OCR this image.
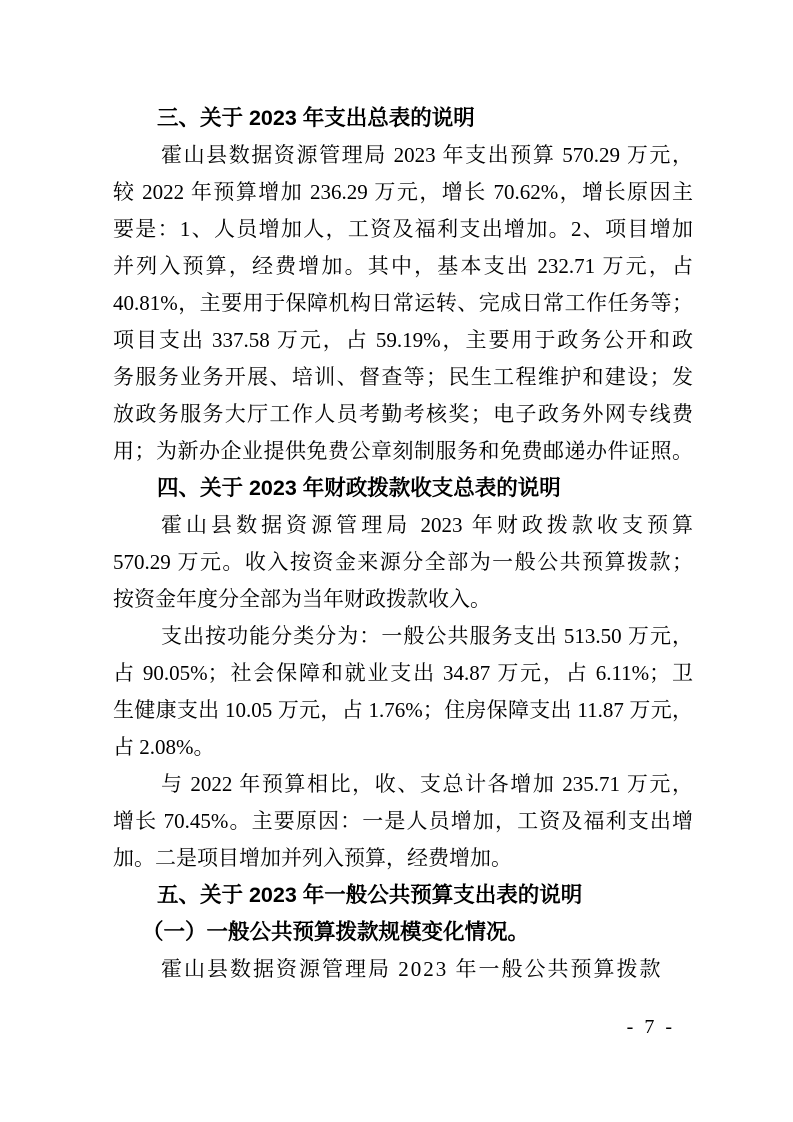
三、关于 2023 年支出总表的说明
霍山县数据资源管理局 2023 年支出预算 570.29 万元，
较 2022 年预算增加 236.29 万元，增长 70.62%，增长原因主
要是：1、人员增加人，工资及福利支出增加。2、项目增加
并列入预算，经费增加。其中，基本支出 232.71 万元，占
40.81%，主要用于保障机构日常运转、完成日常工作任务等；
项目支出 337.58 万元，占 59.19%，主要用于政务公开和政
务服务业务开展、培训、督查等；民生工程维护和建设；发
放政务服务大厅工作人员考勤考核奖；电子政务外网专线费
用；为新办企业提供免费公章刻制服务和免费邮递办件证照。
四、关于 2023 年财政拨款收支总表的说明
霍山县数据资源管理局 2023 年财政拨款收支预算
570.29 万元。收入按资金来源分全部为一般公共预算拨款；
按资金年度分全部为当年财政拨款收入。
支出按功能分类分为：一般公共服务支出 513.50 万元，
占 90.05%；社会保障和就业支出 34.87 万元，占 6.11%；卫
生健康支出 10.05 万元，占 1.76%；住房保障支出 11.87 万元，
占 2.08%。
与 2022 年预算相比，收、支总计各增加 235.71 万元，
增长 70.45%。主要原因：一是人员增加，工资及福利支出增
加。二是项目增加并列入预算，经费增加。
五、关于 2023 年一般公共预算支出表的说明
（一）一般公共预算拨款规模变化情况。
霍山县数据资源管理局 2023 年一般公共预算拨款
- 7 -
